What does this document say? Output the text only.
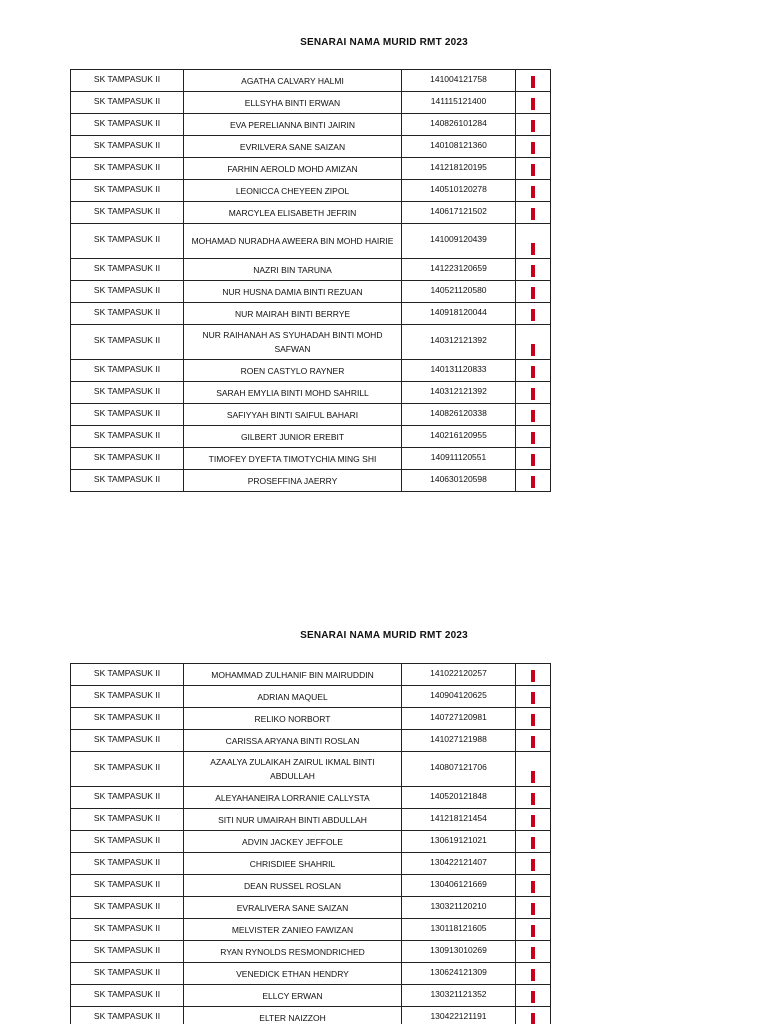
SENARAI NAMA MURID RMT 2023
SK TAMPASUK II	AGATHA CALVARY HALMI	141004121758	

SK TAMPASUK II	ELLSYHA BINTI ERWAN	141115121400	

SK TAMPASUK II	EVA PERELIANNA BINTI JAIRIN	140826101284	

SK TAMPASUK II	EVRILVERA SANE SAIZAN	140108121360	

SK TAMPASUK II	FARHIN AEROLD MOHD AMIZAN	141218120195	

SK TAMPASUK II	LEONICCA CHEYEEN ZIPOL	140510120278	

SK TAMPASUK II	MARCYLEA ELISABETH JEFRIN	140617121502	

SK TAMPASUK II	MOHAMAD NURADHA AWEERA BIN MOHD HAIRIE	141009120439	

SK TAMPASUK II	NAZRI BIN TARUNA	141223120659	

SK TAMPASUK II	NUR HUSNA DAMIA BINTI REZUAN	140521120580	

SK TAMPASUK II	NUR MAIRAH BINTI BERRYE	140918120044	

SK TAMPASUK II	NUR RAIHANAH AS SYUHADAH BINTI MOHD SAFWAN	140312121392	

SK TAMPASUK II	ROEN CASTYLO RAYNER	140131120833	

SK TAMPASUK II	SARAH EMYLIA BINTI MOHD SAHRILL	140312121392	

SK TAMPASUK II	SAFIYYAH BINTI SAIFUL BAHARI	140826120338	

SK TAMPASUK II	GILBERT JUNIOR EREBIT	140216120955	

SK TAMPASUK II	TIMOFEY DYEFTA TIMOTYCHIA MING SHI	140911120551	

SK TAMPASUK II	PROSEFFINA JAERRY	140630120598	

SENARAI NAMA MURID RMT 2023
SK TAMPASUK II	MOHAMMAD ZULHANIF BIN MAIRUDDIN	141022120257	

SK TAMPASUK II	ADRIAN MAQUEL	140904120625	

SK TAMPASUK II	RELIKO NORBORT	140727120981	

SK TAMPASUK II	CARISSA ARYANA BINTI ROSLAN	141027121988	

SK TAMPASUK II	AZAALYA ZULAIKAH ZAIRUL IKMAL BINTI ABDULLAH	140807121706	

SK TAMPASUK II	ALEYAHANEIRA LORRANIE CALLYSTA	140520121848	

SK TAMPASUK II	SITI NUR UMAIRAH BINTI ABDULLAH	141218121454	

SK TAMPASUK II	ADVIN JACKEY JEFFOLE	130619121021	

SK TAMPASUK II	CHRISDIEE SHAHRIL	130422121407	

SK TAMPASUK II	DEAN RUSSEL ROSLAN	130406121669	

SK TAMPASUK II	EVRALIVERA SANE SAIZAN	130321120210	

SK TAMPASUK II	MELVISTER ZANIEO FAWIZAN	130118121605	

SK TAMPASUK II	RYAN RYNOLDS RESMONDRICHED	130913010269	

SK TAMPASUK II	VENEDICK ETHAN HENDRY	130624121309	

SK TAMPASUK II	ELLCY ERWAN	130321121352	

SK TAMPASUK II	ELTER NAIZZOH	130422121191	
